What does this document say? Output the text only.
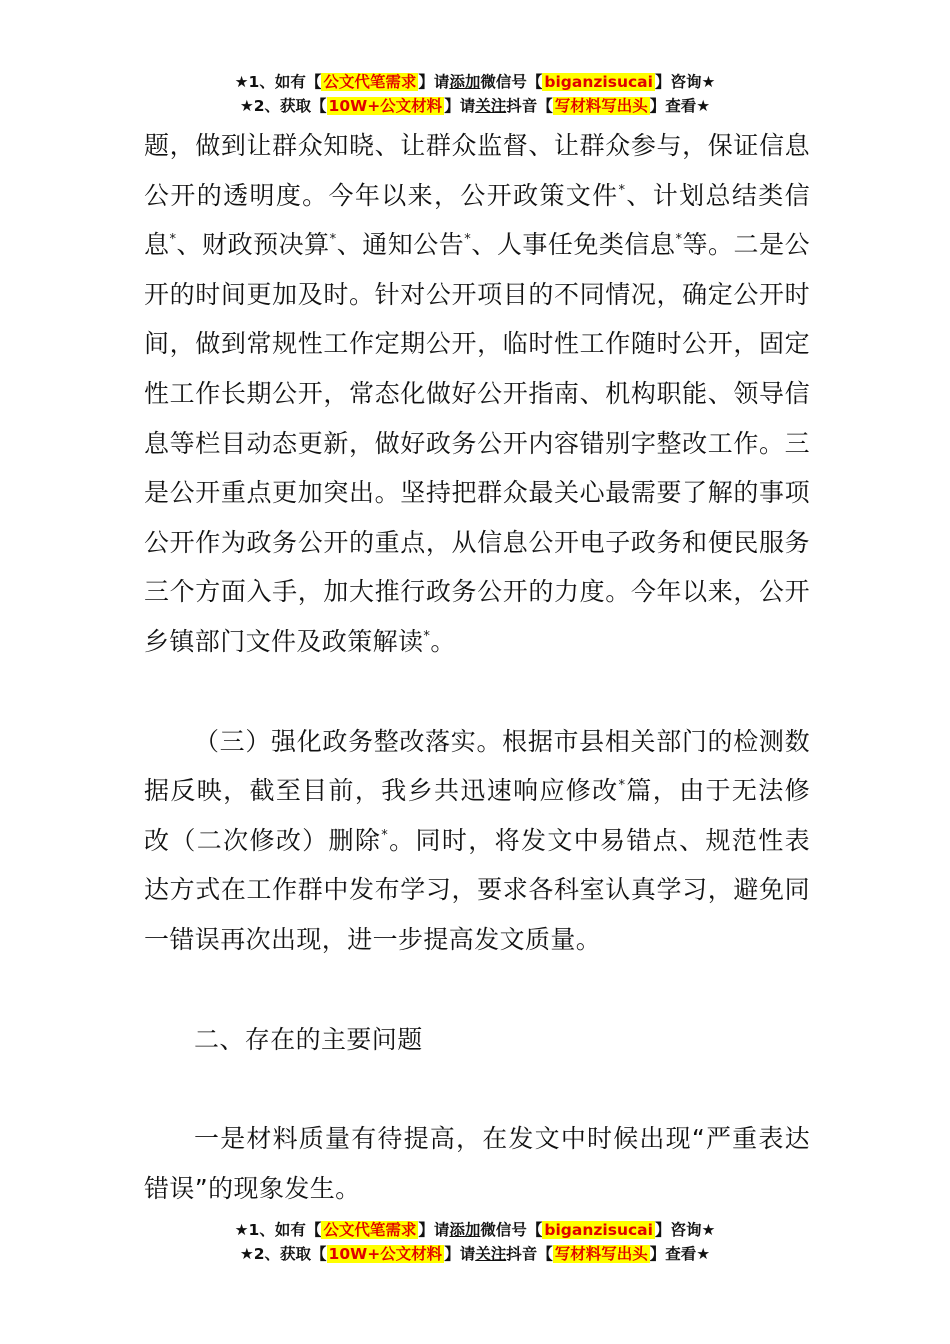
★1、如有【 公文代笔需求 】请添加微信号【 biganzisucai 】咨询★
★2、获取【 10W+公文材料 】请关注抖音【 写材料写出头 】查看★

题，做到让群众知晓、让群众监督、让群众参与，保证信息公开的透明度。今年以来，公开政策文件*、计划总结类信息*、财政预决算*、通知公告*、人事任免类信息*等。二是公开的时间更加及时。针对公开项目的不同情况，确定公开时间，做到常规性工作定期公开，临时性工作随时公开，固定性工作长期公开，常态化做好公开指南、机构职能、领导信息等栏目动态更新，做好政务公开内容错别字整改工作。三是公开重点更加突出。坚持把群众最关心最需要了解的事项公开作为政务公开的重点，从信息公开电子政务和便民服务三个方面入手，加大推行政务公开的力度。今年以来，公开乡镇部门文件及政策解读*。

（三）强化政务整改落实。根据市县相关部门的检测数据反映，截至目前，我乡共迅速响应修改*篇，由于无法修改（二次修改）删除*。同时，将发文中易错点、规范性表达方式在工作群中发布学习，要求各科室认真学习，避免同一错误再次出现，进一步提高发文质量。

二、存在的主要问题

一是材料质量有待提高，在发文中时候出现“严重表达错误”的现象发生。

★1、如有【 公文代笔需求 】请添加微信号【 biganzisucai 】咨询★
★2、获取【 10W+公文材料 】请关注抖音【 写材料写出头 】查看★
